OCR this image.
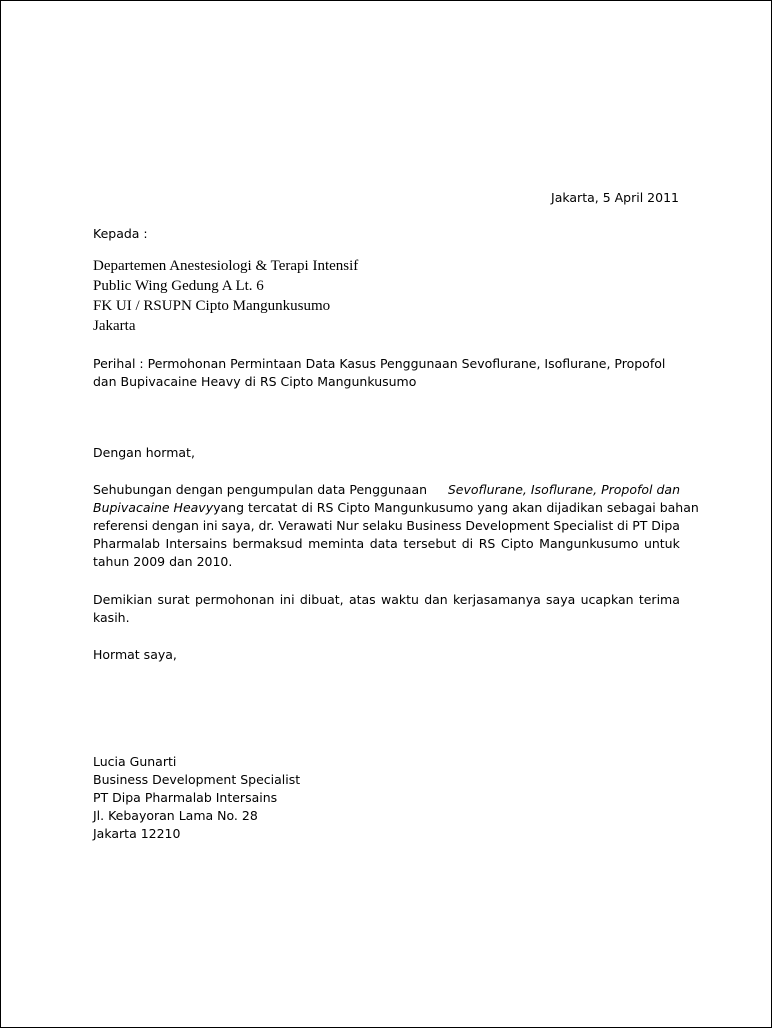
Jakarta, 5 April 2011
Kepada :
Departemen Anestesiologi & Terapi Intensif
Public Wing Gedung A Lt. 6
FK UI / RSUPN Cipto Mangunkusumo
Jakarta
Perihal : Permohonan Permintaan Data Kasus Penggunaan Sevoflurane, Isoflurane, Propofol
dan Bupivacaine Heavy di RS Cipto Mangunkusumo
Dengan hormat,
Sehubungan dengan pengumpulan data Penggunaan Sevoflurane, Isoflurane, Propofol dan
Bupivacaine Heavy yang tercatat di RS Cipto Mangunkusumo yang akan dijadikan sebagai bahan
referensi dengan ini saya, dr. Verawati Nur selaku Business Development Specialist di PT Dipa
Pharmalab Intersains bermaksud meminta data tersebut di RS Cipto Mangunkusumo untuk
tahun 2009 dan 2010.
Demikian surat permohonan ini dibuat, atas waktu dan kerjasamanya saya ucapkan terima
kasih.
Hormat saya,
Lucia Gunarti
Business Development Specialist
PT Dipa Pharmalab Intersains
Jl. Kebayoran Lama No. 28
Jakarta 12210
